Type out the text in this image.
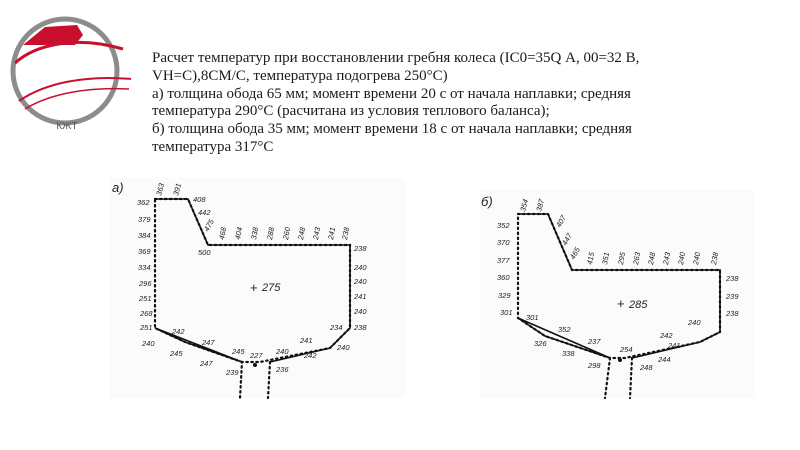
КЖТ
Расчет температур при восстановлении гребня колеса (IC0=35Q А, 00=32 В,
VH=C),8CM/C, температура подогрева 250°С)
а) толщина обода 65 мм; момент времени 20 с от начала наплавки; средняя
температура 290°С (расчитана из условия теплового баланса);
б) толщина обода 35 мм; момент времени 18 с от начала наплавки; средняя
температура 317°С
a)
+ 275
363 391
408
442
475
468 404 338 288 260 248 243 241 238
362
379
384
369
334
296
251
268
251
240
500	238
240
240
241
240
238
242
245
247
247
245 227
239	236
240 242
241
234
240
б)
+ 285
354 387
407
447
465 415 351 295 263 248 243 240 240 238
352
370
377
360
329
301
238
239
238
301
326
352
338
237
298
254
248
244
241
240
242
